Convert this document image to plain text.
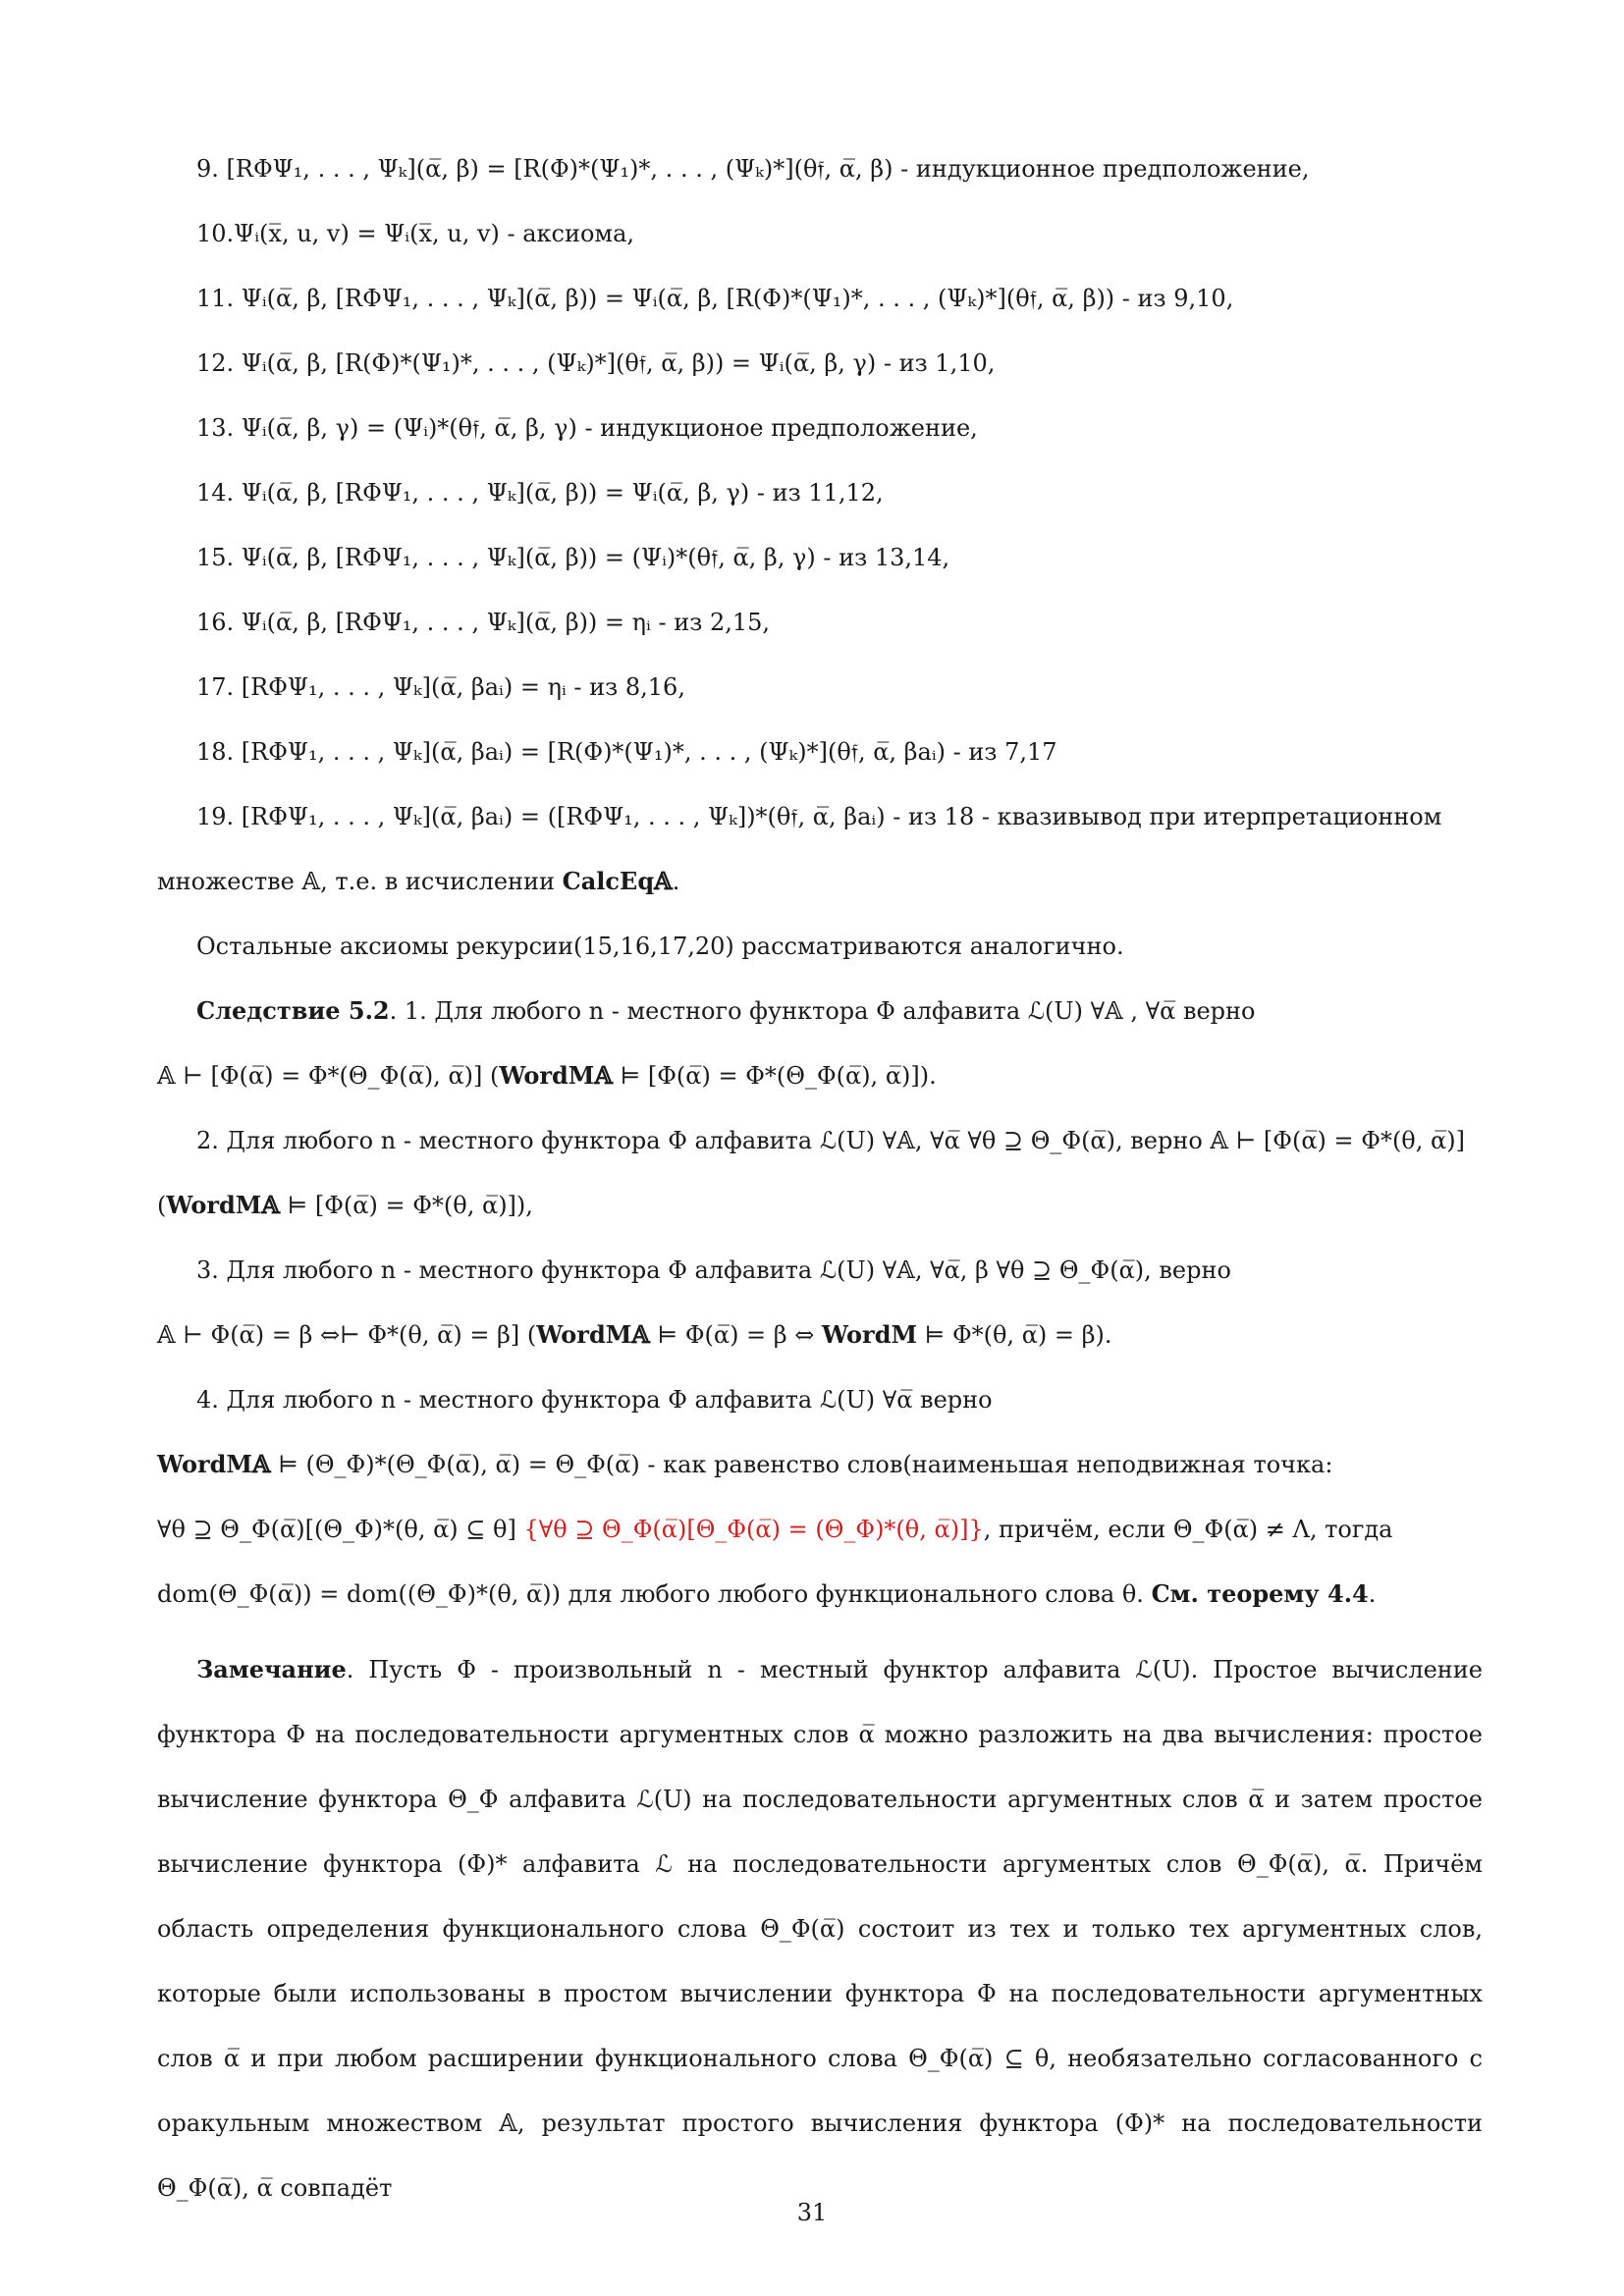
9. [RΦΨ₁, . . . , Ψₖ](α̅, β) = [R(Φ)*(Ψ₁)*, . . . , (Ψₖ)*](θ𝔣, α̅, β) - индукционное предположение,
10.Ψᵢ(x̅, u, v) = Ψᵢ(x̅, u, v) - аксиома,
11. Ψᵢ(α̅, β, [RΦΨ₁, . . . , Ψₖ](α̅, β)) = Ψᵢ(α̅, β, [R(Φ)*(Ψ₁)*, . . . , (Ψₖ)*](θ𝔣, α̅, β)) - из 9,10,
12. Ψᵢ(α̅, β, [R(Φ)*(Ψ₁)*, . . . , (Ψₖ)*](θ𝔣, α̅, β)) = Ψᵢ(α̅, β, γ) - из 1,10,
13. Ψᵢ(α̅, β, γ) = (Ψᵢ)*(θ𝔣, α̅, β, γ) - индукционое предположение,
14. Ψᵢ(α̅, β, [RΦΨ₁, . . . , Ψₖ](α̅, β)) = Ψᵢ(α̅, β, γ) - из 11,12,
15. Ψᵢ(α̅, β, [RΦΨ₁, . . . , Ψₖ](α̅, β)) = (Ψᵢ)*(θ𝔣, α̅, β, γ) - из 13,14,
16. Ψᵢ(α̅, β, [RΦΨ₁, . . . , Ψₖ](α̅, β)) = ηᵢ - из 2,15,
17. [RΦΨ₁, . . . , Ψₖ](α̅, βaᵢ) = ηᵢ - из 8,16,
18. [RΦΨ₁, . . . , Ψₖ](α̅, βaᵢ) = [R(Φ)*(Ψ₁)*, . . . , (Ψₖ)*](θ𝔣, α̅, βaᵢ) - из 7,17
19. [RΦΨ₁, . . . , Ψₖ](α̅, βaᵢ) = ([RΦΨ₁, . . . , Ψₖ])*(θ𝔣, α̅, βaᵢ) - из 18 - квазивывод при итерпретационном
множестве 𝔸, т.е. в исчислении CalcEq𝔸.
Остальные аксиомы рекурсии(15,16,17,20) рассматриваются аналогично.
Следствие 5.2. 1. Для любого n - местного функтора Φ алфавита ℒ(U) ∀𝔸 , ∀α̅ верно
𝔸 ⊢ [Φ(α̅) = Φ*(Θ_Φ(α̅), α̅)] (WordM𝔸 ⊨ [Φ(α̅) = Φ*(Θ_Φ(α̅), α̅)]).
2. Для любого n - местного функтора Φ алфавита ℒ(U) ∀𝔸, ∀α̅ ∀θ ⊇ Θ_Φ(α̅), верно 𝔸 ⊢ [Φ(α̅) = Φ*(θ, α̅)]
(WordM𝔸 ⊨ [Φ(α̅) = Φ*(θ, α̅)]),
3. Для любого n - местного функтора Φ алфавита ℒ(U) ∀𝔸, ∀α̅, β ∀θ ⊇ Θ_Φ(α̅), верно
𝔸 ⊢ Φ(α̅) = β ⇔⊢ Φ*(θ, α̅) = β] (WordM𝔸 ⊨ Φ(α̅) = β ⇔ WordM ⊨ Φ*(θ, α̅) = β).
4. Для любого n - местного функтора Φ алфавита ℒ(U) ∀α̅ верно
WordM𝔸 ⊨ (Θ_Φ)*(Θ_Φ(α̅), α̅) = Θ_Φ(α̅) - как равенство слов(наименьшая неподвижная точка:
∀θ ⊇ Θ_Φ(α̅)[(Θ_Φ)*(θ, α̅) ⊆ θ] {∀θ ⊇ Θ_Φ(α̅)[Θ_Φ(α̅) = (Θ_Φ)*(θ, α̅)]}, причём, если Θ_Φ(α̅) ≠ Λ, тогда
dom(Θ_Φ(α̅)) = dom((Θ_Φ)*(θ, α̅)) для любого любого функционального слова θ. См. теорему 4.4.

Замечание. Пусть Φ - произвольный n - местный функтор алфавита ℒ(U). Простое вычисление функтора Φ на последовательности аргументных слов α̅ можно разложить на два вычисления: простое вычисление функтора Θ_Φ алфавита ℒ(U) на последовательности аргументных слов α̅ и затем простое вычисление функтора (Φ)* алфавита ℒ на последовательности аргументых слов Θ_Φ(α̅), α̅. Причём область определения функционального слова Θ_Φ(α̅) состоит из тех и только тех аргументных слов, которые были использованы в простом вычислении функтора Φ на последовательности аргументных слов α̅ и при любом расширении функционального слова Θ_Φ(α̅) ⊆ θ, необязательно согласованного с оракульным множеством 𝔸, результат простого вычисления функтора (Φ)* на последовательности Θ_Φ(α̅), α̅ совпадёт

31
